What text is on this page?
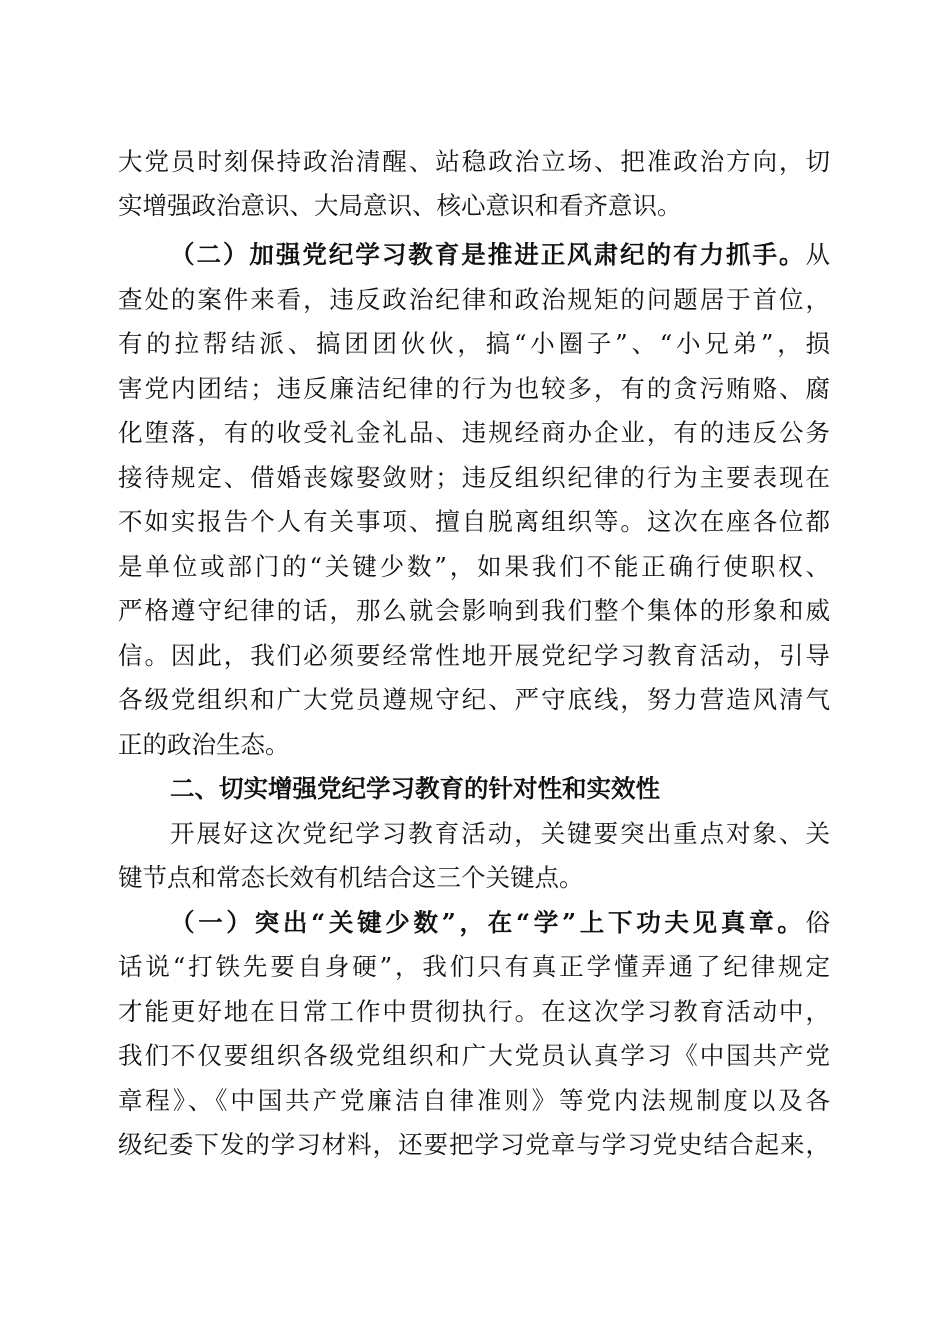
大党员时刻保持政治清醒、站稳政治立场、把准政治方向，切
实增强政治意识、大局意识、核心意识和看齐意识。
（二）加强党纪学习教育是推进正风肃纪的有力抓手。从
查处的案件来看，违反政治纪律和政治规矩的问题居于首位，
有的拉帮结派、搞团团伙伙，搞“小圈子”、“小兄弟”，损
害党内团结；违反廉洁纪律的行为也较多，有的贪污贿赂、腐
化堕落，有的收受礼金礼品、违规经商办企业，有的违反公务
接待规定、借婚丧嫁娶敛财；违反组织纪律的行为主要表现在
不如实报告个人有关事项、擅自脱离组织等。这次在座各位都
是单位或部门的“关键少数”，如果我们不能正确行使职权、
严格遵守纪律的话，那么就会影响到我们整个集体的形象和威
信。因此，我们必须要经常性地开展党纪学习教育活动，引导
各级党组织和广大党员遵规守纪、严守底线，努力营造风清气
正的政治生态。
二、切实增强党纪学习教育的针对性和实效性
开展好这次党纪学习教育活动，关键要突出重点对象、关
键节点和常态长效有机结合这三个关键点。
（一）突出“关键少数”，在“学”上下功夫见真章。俗
话说“打铁先要自身硬”，我们只有真正学懂弄通了纪律规定
才能更好地在日常工作中贯彻执行。在这次学习教育活动中，
我们不仅要组织各级党组织和广大党员认真学习《中国共产党
章程》、《中国共产党廉洁自律准则》等党内法规制度以及各
级纪委下发的学习材料，还要把学习党章与学习党史结合起来，
